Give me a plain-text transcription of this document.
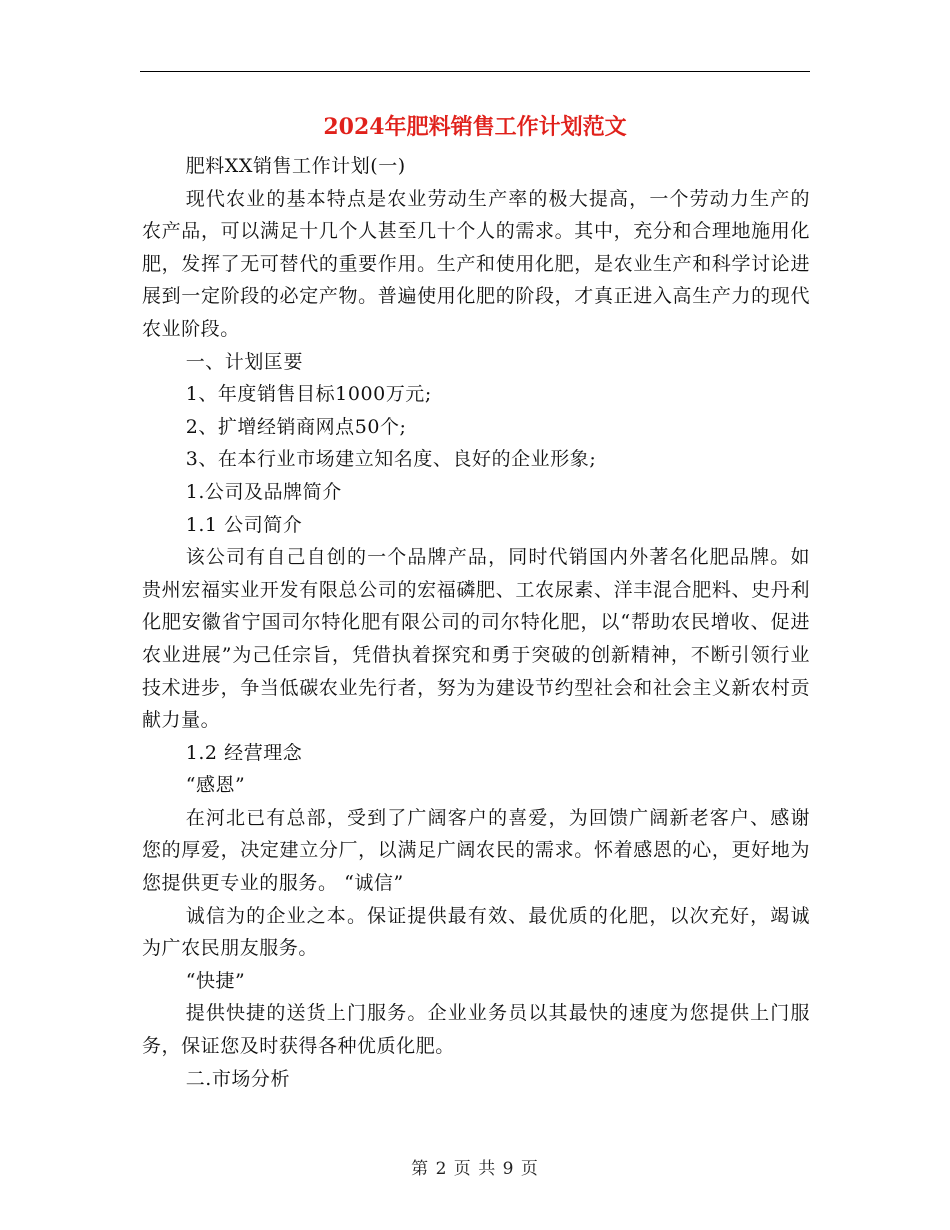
2024年肥料销售工作计划范文

肥料XX销售工作计划(一)

现代农业的基本特点是农业劳动生产率的极大提高，一个劳动力生产的农产品，可以满足十几个人甚至几十个人的需求。其中，充分和合理地施用化肥，发挥了无可替代的重要作用。生产和使用化肥，是农业生产和科学讨论进展到一定阶段的必定产物。普遍使用化肥的阶段，才真正进入高生产力的现代农业阶段。

一、计划匡要

1、年度销售目标1000万元;

2、扩增经销商网点50个;

3、在本行业市场建立知名度、良好的企业形象;

1.公司及品牌简介

1.1 公司简介

该公司有自己自创的一个品牌产品，同时代销国内外著名化肥品牌。如贵州宏福实业开发有限总公司的宏福磷肥、工农尿素、洋丰混合肥料、史丹利化肥安徽省宁国司尔特化肥有限公司的司尔特化肥，以“帮助农民增收、促进农业进展”为己任宗旨，凭借执着探究和勇于突破的创新精神，不断引领行业技术进步，争当低碳农业先行者，努为为建设节约型社会和社会主义新农村贡献力量。

1.2 经营理念

“感恩”

在河北已有总部，受到了广阔客户的喜爱，为回馈广阔新老客户、感谢您的厚爱，决定建立分厂，以满足广阔农民的需求。怀着感恩的心，更好地为您提供更专业的服务。 “诚信”

诚信为的企业之本。保证提供最有效、最优质的化肥，以次充好，竭诚为广农民朋友服务。

“快捷”

提供快捷的送货上门服务。企业业务员以其最快的速度为您提供上门服务，保证您及时获得各种优质化肥。

二.市场分析

第 2 页 共 9 页
